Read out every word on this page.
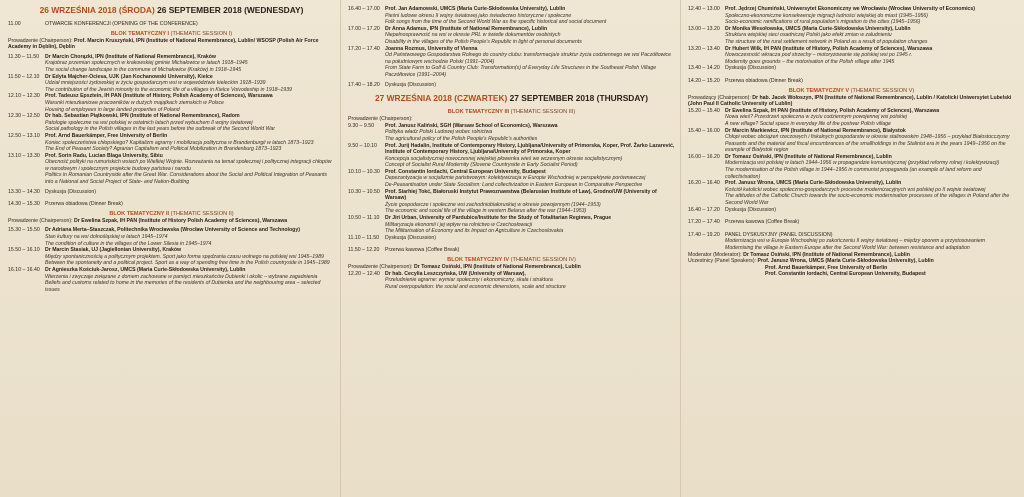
26 WRZEŚNIA 2018 (ŚRODA) 26 SEPTEMBER 2018 (WEDNESDAY)
11.00	OTWARCIE KONFERENCJI (OPENING OF THE CONFERENCE)
BLOK TEMATYCZNY I (THEMATIC SESSION I)
Prowadzenie (Chairperson): Prof. Marcin Kruszyński, IPN (Institute of National Remembrance), Lublin/ WSOSP (Polish Air Force Academy in Dęblin), Dęblin
11.30 – 11.50	Dr Marcin Chorązki, IPN (Institute of National Remembrance), Kraków
Krajobraz przemian społecznych w krakowskiej gminie Michałowice w latach 1918–1945
The social change landscape in the commune of Michałowice (Kraków) in 1918–1945
11.50 – 12.10	Dr Edyta Majcher-Ociesa, UJK (Jan Kochanowski University), Kielce
Udział mniejszości żydowskiej w życiu gospodarczym wsi w województwie kieleckim 1918–1939
The contribution of the Jewish minority to the economic life of a villages in Kielce Voivodeship in 1918–1939
12.10 – 12.30	Prof. Tadeusz Epsztein, IH PAN (Institute of History, Polish Academy of Sciences), Warszawa
Warunki mieszkaniowe pracowników w dużych majątkach ziemskich w Polsce
Housing of employees in large landed properties of Poland
12.30 – 12.50	Dr hab. Sebastian Piątkowski, IPN (Institute of National Remembrance), Radom
Patologie społeczne na wsi polskiej w ostatnich latach przed wybuchem II wojny światowej
Social pathology in the Polish villages in the last years before the outbreak of the Second World War
12.50 – 13.10	Prof. Arnd Bauerkämper, Free University of Berlin
Koniec społeczeństwa chłopskiego? Kapitalizm agrarny i mobilizacja polityczna w Brandenburgii w latach 1873–1923
The End of Peasant Society? Agrarian Capitalism and Political Mobilization in Brandenburg 1873–1923
13.10 – 13.30	Prof. Sorin Radu, Lucian Blaga University, Sibiu
Obecność polityki na rumuńskich wsiach po Wielkiej Wojnie. Rozważania na temat społecznej i politycznej integracji chłopów w narodowym i społecznym projekcie budowy państwa i narodu
Politics in Romanian Countryside after the Great War. Considerations about the Social and Political Integration of Peasants into a National and Social Project of State- and Nation-Building
13.30 – 14.30	Dyskusja (Discussion)
14.30 – 15.30	Przerwa obiadowa (Dinner Break)
BLOK TEMATYCZNY II (THEMATIC SESSION II)
Prowadzenie (Chairperson): Dr Ewelina Szpak, IH PAN (Institute of History Polish Academy of Sciences), Warszawa
15.30 – 15.50	Dr Adriana Merta–Staszczak, Politechnika Wrocławska (Wrocław University of Science and Technology)
Stan kultury na wsi dolnośląskiej w latach 1945–1974
The condition of culture in the villages of the Lower Silesia in 1945–1974
15.50 – 16.10	Dr Marcin Stasiak, UJ (Jagiellonian University), Kraków
Między spontanicznością a politycznym projektem. Sport jako forma spędzania czasu wolnego na polskiej wsi 1945–1989
Between the spontaneity and a political project. Sport as a way of spending free time in the Polish countryside in 1945–1989
16.10 – 16.40	Dr Agnieszka Kościuk-Jarosz, UMCS (Maria Curie-Skłodowska University), Lublin
Wierzenia i zwyczaje związane z domem zachowane w pamięci mieszkańców Dubienki i okolic – wybrane zagadnienia
Beliefs and customs related to home in the memories of the residents of Dubienka and the neighbouring area – selected issues
16.40 – 17.00	Prof. Jan Adamowski, UMCS (Maria Curie-Skłodowska University), Lublin
Pieśni ludowe okresu II wojny światowej jako świadectwo historyczne i społeczne
Folk songs from the time of the Second World War as the specific historical and social document
17.00 – 17.20	Dr Anna Adamus, IPN (Institute of National Remembrance), Lublin
Niepełnosprawność na wsi w okresie PRL w świetle dokumentów osobistych
Disability in the villages of the Polish People's Republic in light of personal documents
17.20 – 17.40	Joanna Rozmus, University of Vienna
Od Państwowego Gospodarstwa Rolnego do country clubu: transformacja/e struktur życia codziennego we wsi Paczółtowice na południowym wschodzie Polski (1991–2004)
From State Farm to Golf & Country Club: Transformation(s) of Everyday Life Structures in the Southeast Polish Village Paczółtowice (1991–2004)
17.40 – 18.20	Dyskusja (Discussion)
27 WRZEŚNIA 2018 (CZWARTEK) 27 SEPTEMBER 2018 (THURSDAY)
BLOK TEMATYCZNY III (THEMATIC SESSION III)
Prowadzenie (Chairperson):
9.30 – 9.50	Prof. Janusz Kaliński, SGH (Warsaw School of Economics), Warszawa
Polityka władz Polski Ludowej wobec rolnictwa
The agricultural policy of the Polish People's Republic's authorities
9.50 – 10.10	Prof. Jurij Hadalin, Institute of Contemporary History, Ljubljana/University of Primorska, Koper, Prof. Žarko Lazarević, Institute of Contemporary History, Ljubljana/University of Primorska, Koper
Koncepcja socjalistycznej nowoczesnej wiejskiej płowenka wieś we wczesnym okresie socjalistycznym)
Concept of Socialist Rural Modernity (Slovene Countryside in Early Socialist Period)
10.10 – 10.30	Prof. Constantin Iordachi, Central European University, Budapest
Depezantyzacja w socjalizmie państwowym: kolektywizacja w Europie Wschodniej w perspektywie porównawczej
De-Peasantisation under State Socialism: Land collectivization in Eastern European in Comparative Perspective
10.30 – 10.50	Prof. Siarhiej Tokć, Białoruski Instytut Prawoznawstwa (Belarusian Institute of Law), Grodno/UW (University of Warsaw)
Życie gospodarcze i społeczne wsi zachodniobiałoruskiej w okresie powojennym (1944–1953)
The economic and social life of the village in western Belarus after the war (1944–1953)
10.50 – 11.10	Dr Jiri Urban, University of Pardubice/Institute for the Study of Totalitarian Regimes, Prague
Militaryzacja ekonomii i jej wpływ na rolnictwo w Czechosłowacji
The Militarisation of Economy and its Impact on Agriculture in Czechoslovakia
11.10 – 11.50	Dyskusja (Discussion)
11.50 – 12.20	Przerwa kawowa (Coffee Break)
BLOK TEMATYCZNY IV (THEMATIC SESSION IV)
Prowadzenie (Chairperson): Dr Tomasz Osiński, IPN (Institute of National Remembrance), Lublin
12.20 – 12.40	Dr hab. Cecylia Leszczyńska, UW (University of Warsaw),
Przeludnienie agrarne: wymiar społeczny i ekonomiczny, skala i struktura
Rural overpopulation: the social and economic dimensions, scale and structure
12.40 – 13.00	Prof. Jędrzej Chumiński, Uniwersytet Ekonomiczny we Wrocławiu (Wrocław University of Economics)
Społeczno-ekonomiczne konsekwencje migracji ludności wiejskiej do miast (1945–1956)
Socio-economic ramifications of rural population's migration to the cities (1945–1956)
13.00 – 13.20	Dr Monika Wesołowska, UMCS (Maria Curie-Skłodowska University), Lublin
Struktura wiejskiej sieci osadniczej Polski jako efekt zmian w zaludnieniu
The structure of the rural settlement network in Poland as a result of population changes
13.20 – 13.40	Dr Hubert Wilk, IH PAN (Institute of History, Polish Academy of Sciences), Warszawa
Nowoczesność wkracza pod strzechy – motoryzowanie się polskiej wsi po 1945 r.
Modernity goes grounds – the motorisation of the Polish village after 1945
13.40 – 14.20	Dyskusja (Discussion)
14.20 – 15.20	Przerwa obiadowa (Dinner Break)
BLOK TEMATYCZNY V (THEMATIC SESSION V)
Prowadzący (Chairperson): Dr hab. Jacek Wołoszyn, IPN (Institute of National Remembrance), Lublin / Katolicki Uniwersytet Lubelski (John Paul II Catholic University of Lublin)
15.20 – 15.40	Dr Ewelina Szpak, IH PAN (Institute of History, Polish Academy of Sciences), Warszawa
Nowa wieś? Przestrzeń społeczna w życiu codziennym powojennej wsi polskiej
A new village? Social space in everyday life of the postwar Polish village
15.40 – 16.00	Dr Marcin Markiewicz, IPN (Institute of National Remembrance), Białystok
Chłopi wobec obciążeń rzeczowych i fiskalnych gospodarstw w okresie stalinowskim 1948–1956 – przykład Białostocczyzny
Peasants and the material and fiscal encumbrances of the smallholdings in the Stalinist era in the years 1949–1956 on the example of Białystok region
16.00 – 16.20	Dr Tomasz Osiński, IPN (Institute of National Remembrance), Lublin
Modernizacja wsi polskiej w latach 1944–1956 w propagandzie komunistycznej (przykład reformy rolnej i kolektywizacji)
The modernisation of the Polish village in 1944–1956 in communist propaganda (an example of land reform and collectivisation)
16.20 – 16.40	Prof. Janusz Wrona, UMCS (Maria Curie-Skłodowska University), Lublin
Kościół katolicki wobec społeczno-gospodarczych procesów modernizacyjnych wsi polskiej po II wojnie światowej
The attitudes of the Catholic Church towards the socio-economic modernisation processes of the villages in Poland after the Second World War
16.40 – 17.20	Dyskusja (Discussion)
17.20 – 17.40	Przerwa kawowa (Coffee Break)
17.40 – 19.20	PANEL DYSKUSYJNY (PANEL DISCUSSION)
Modernizacja wsi w Europie Wschodniej po zakończeniu II wojny światowej – między oporem a przystosowaniem
Modernising the village in Eastern Europe after the Second World War: between resistance and adaptation
Moderator (Moderator): Dr Tomasz Osiński, IPN (Institute of National Remembrance), Lublin
Uczestnicy (Panel Speakers): Prof. Janusz Wrona, UMCS (Maria Curie-Skłodowska University), Lublin
Prof. Arnd Bauerkämper, Free University of Berlin
Prof. Constantin Iordachi, Central European University, Budapest
